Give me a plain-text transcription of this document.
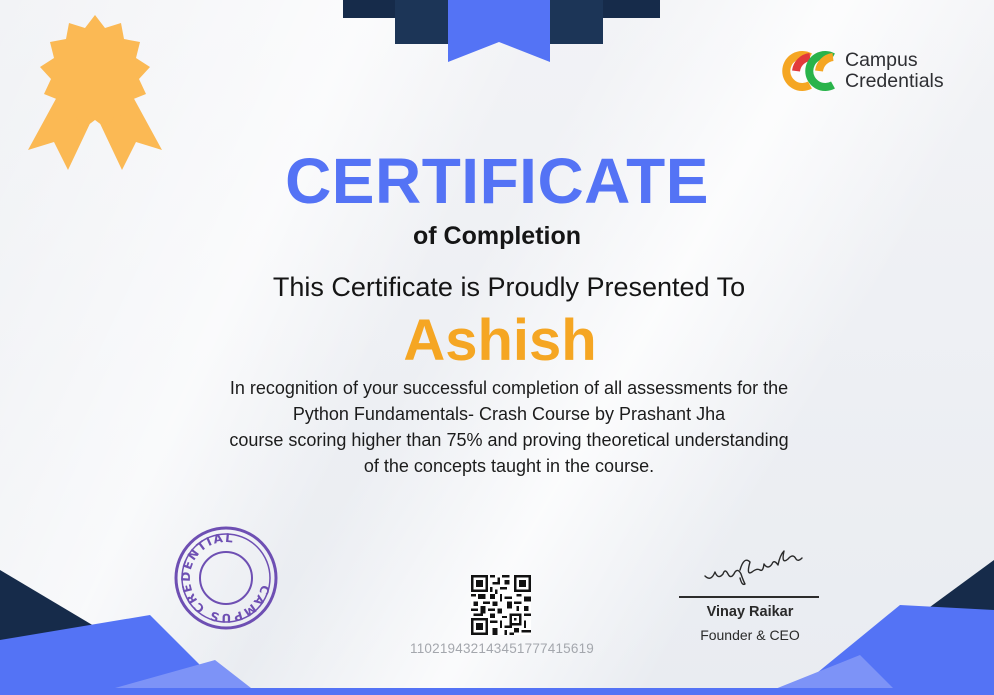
Campus
Credentials
CERTIFICATE
of Completion
This Certificate is Proudly Presented To
Ashish
In recognition of your successful completion of all assessments for the
Python Fundamentals- Crash Course by Prashant Jha
course scoring higher than 75% and proving theoretical understanding
of the concepts taught in the course.
CAMPUS CREDENTIAL
110219432143451777415619
Vinay Raikar
Founder & CEO
